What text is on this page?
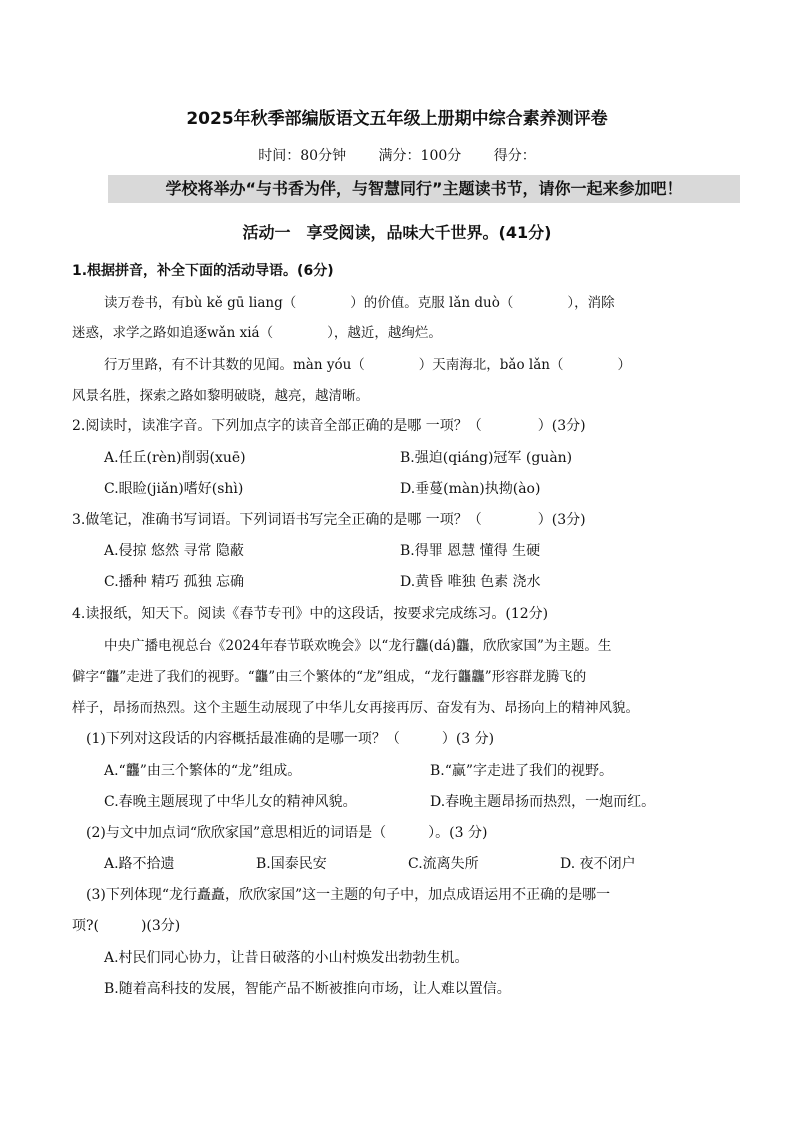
2025年秋季部编版语文五年级上册期中综合素养测评卷
时间：80分钟 满分：100分 得分：
学校将举办“与书香为伴，与智慧同行”主题读书节，请你一起来参加吧！
活动一　享受阅读，品味大千世界。(41分)
1.根据拼音，补全下面的活动导语。(6分)
读万卷书，有bù kě gū liang（　　　　）的价值。克服 lǎn duò（　　　　），消除
迷惑，求学之路如追逐wǎn xiá（　　　　），越近，越绚烂。
行万里路，有不计其数的见闻。màn yóu（　　　　）天南海北，bǎo lǎn（　　　　）
风景名胜，探索之路如黎明破晓，越亮，越清晰。
2.阅读时，读准字音。下列加点字的读音全部正确的是哪 一项？（　　　　）(3分)
A.任丘(rèn)削弱(xuē)	B.强迫(qiáng)冠军 (guàn)
C.眼睑(jiǎn)嗜好(shì)	D.垂蔓(màn)执拗(ào)
3.做笔记，准确书写词语。下列词语书写完全正确的是哪 一项？（　　　　）(3分)
A.侵掠 悠然 寻常 隐蔽	B.得罪 恩慧 懂得 生硬
C.播种 精巧 孤独 忘确	D.黄昏 唯独 色素 浇水
4.读报纸，知天下。阅读《春节专刊》中的这段话，按要求完成练习。(12分)
中央广播电视总台《2024年春节联欢晚会》以“龙行龘(dá)龘，欣欣家国”为主题。生
僻字“龘”走进了我们的视野。“龘”由三个繁体的“龙”组成，“龙行龘龘”形容群龙腾飞的
样子，昂扬而热烈。这个主题生动展现了中华儿女再接再厉、奋发有为、昂扬向上的精神风貌。
(1)下列对这段话的内容概括最准确的是哪一项？（　　　）(3 分)
A.“龘”由三个繁体的“龙”组成。	B.“赢”字走进了我们的视野。
C.春晚主题展现了中华儿女的精神风貌。	D.春晚主题昂扬而热烈，一炮而红。
(2)与文中加点词“欣欣家国”意思相近的词语是（　　　）。(3 分)
A.路不拾遗	B.国泰民安	C.流离失所	D. 夜不闭户
(3)下列体现“龙行矗矗，欣欣家国”这一主题的句子中，加点成语运用不正确的是哪一
项?(　　　)(3分)
A.村民们同心协力，让昔日破落的小山村焕发出勃勃生机。
B.随着高科技的发展，智能产品不断被推向市场，让人难以置信。
